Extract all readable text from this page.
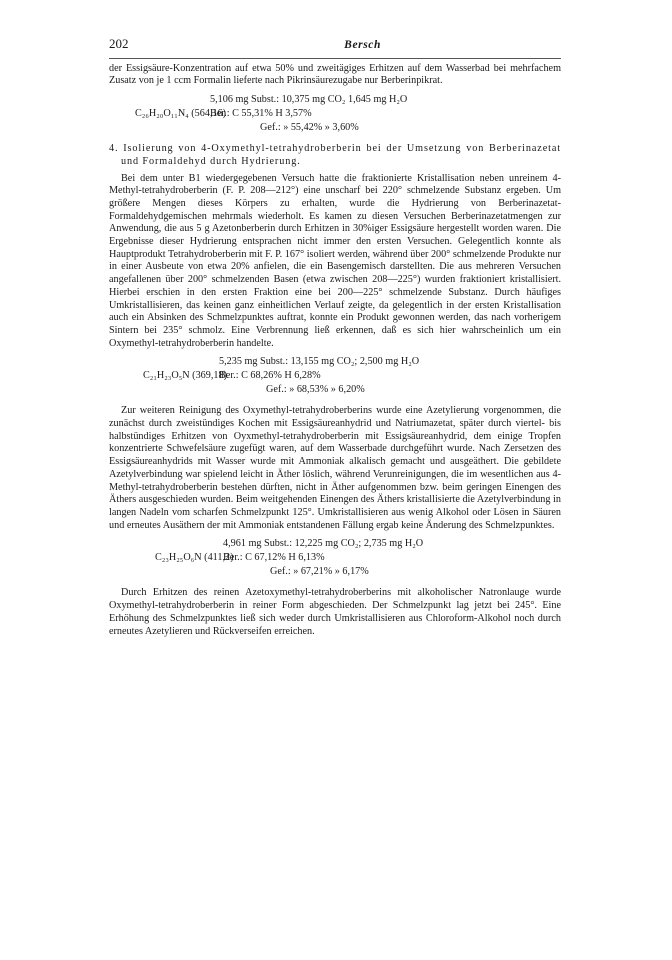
202	Bersch

der Essigsäure-Konzentration auf etwa 50% und zweitägiges Erhitzen auf dem Wasserbad bei mehrfachem Zusatz von je 1 ccm Formalin lieferte nach Pikrinsäurezugabe nur Berberinpikrat.

5,106 mg Subst.: 10,375 mg CO₂ 1,645 mg H₂O
C₂₆H₂₀O₁₁N₄ (564,16)
Ber.: C 55,31% H 3,57%
Gef.: » 55,42% » 3,60%

4. Isolierung von 4-Oxymethyl-tetrahydroberberin bei der Umsetzung von Berberinazetat und Formaldehyd durch Hydrierung.

Bei dem unter B1 wiedergegebenen Versuch hatte die fraktionierte Kristallisation neben unreinem 4-Methyl-tetrahydroberberin (F. P. 208—212°) eine unscharf bei 220° schmelzende Substanz ergeben. Um größere Mengen dieses Körpers zu erhalten, wurde die Hydrierung von Berberinazetat-Formaldehydgemischen mehrmals wiederholt. Es kamen zu diesen Versuchen Berberinazetatmengen zur Anwendung, die aus 5 g Azetonberberin durch Erhitzen in 30%iger Essigsäure hergestellt worden waren. Die Ergebnisse dieser Hydrierung entsprachen nicht immer den ersten Versuchen. Gelegentlich konnte als Hauptprodukt Tetrahydroberberin mit F. P. 167° isoliert werden, während über 200° schmelzende Produkte nur in einer Ausbeute von etwa 20% anfielen, die ein Basengemisch darstellten. Die aus mehreren Versuchen angefallenen über 200° schmelzenden Basen (etwa zwischen 208—225°) wurden fraktioniert kristallisiert. Hierbei erschien in den ersten Fraktion eine bei 200—225° schmelzende Substanz. Durch häufiges Umkristallisieren, das keinen ganz einheitlichen Verlauf zeigte, da gelegentlich in der ersten Kristallisation auch ein Absinken des Schmelzpunktes auftrat, konnte ein Produkt gewonnen werden, das nach vorherigem Sintern bei 235° schmolz. Eine Verbrennung ließ erkennen, daß es sich hier wahrscheinlich um ein Oxymethyl-tetrahydroberberin handelte.

5,235 mg Subst.: 13,155 mg CO₂; 2,500 mg H₂O
C₂₁H₂₃O₅N (369,18)
Ber.: C 68,26% H 6,28%
Gef.: » 68,53% » 6,20%

Zur weiteren Reinigung des Oxymethyl-tetrahydroberberins wurde eine Azetylierung vorgenommen, die zunächst durch zweistündiges Kochen mit Essigsäureanhydrid und Natriumazetat, später durch viertel- bis halbstündiges Erhitzen von Oyxmethyl-tetrahydroberberin mit Essigsäureanhydrid, dem einige Tropfen konzentrierte Schwefelsäure zugefügt waren, auf dem Wasserbade durchgeführt wurde. Nach Zersetzen des Essigsäureanhydrids mit Wasser wurde mit Ammoniak alkalisch gemacht und ausgeäthert. Die gebildete Azetylverbindung war spielend leicht in Äther löslich, während Verunreinigungen, die im wesentlichen aus 4-Methyl-tetrahydroberberin bestehen dürften, nicht in Äther aufgenommen bzw. beim geringen Einengen des Äthers ausgeschieden wurden. Beim weitgehenden Einengen des Äthers kristallisierte die Azetylverbindung in langen Nadeln vom scharfen Schmelzpunkt 125°. Umkristallisieren aus wenig Alkohol oder Lösen in Säuren und erneutes Ausäthern der mit Ammoniak entstandenen Fällung ergab keine Änderung des Schmelzpunktes.

4,961 mg Subst.: 12,225 mg CO₂; 2,735 mg H₂O
C₂₃H₂₅O₆N (411,2)
Ber.: C 67,12% H 6,13%
Gef.: » 67,21% » 6,17%

Durch Erhitzen des reinen Azetoxymethyl-tetrahydroberberins mit alkoholischer Natronlauge wurde Oxymethyl-tetrahydroberberin in reiner Form abgeschieden. Der Schmelzpunkt lag jetzt bei 245°. Eine Erhöhung des Schmelzpunktes ließ sich weder durch Umkristallisieren aus Chloroform-Alkohol noch durch erneutes Azetylieren und Rückverseifen erreichen.
